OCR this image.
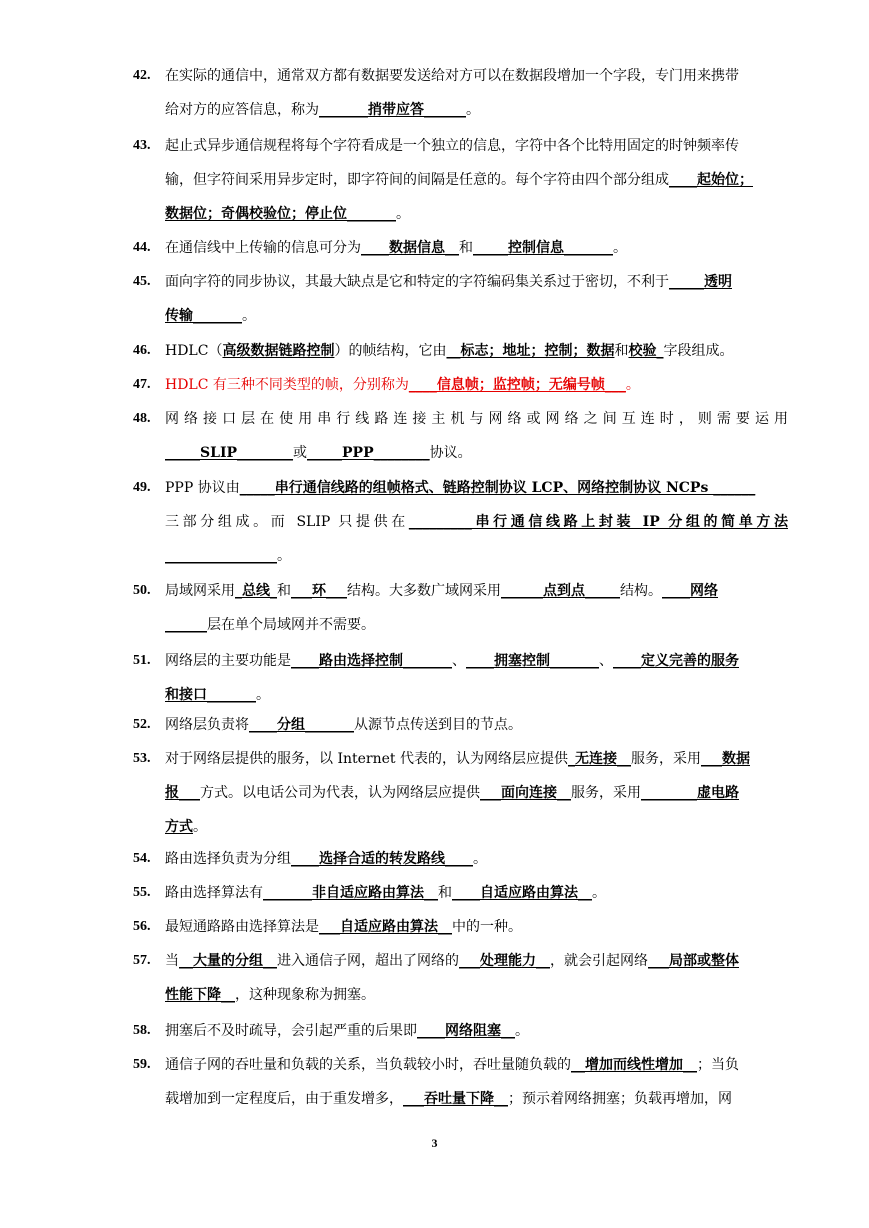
42. 在实际的通信中，通常双方都有数据要发送给对方可以在数据段增加一个字段，专门用来携带
给对方的应答信息，称为_______捎带应答______。
43. 起止式异步通信规程将每个字符看成是一个独立的信息，字符中各个比特用固定的时钟频率传
输，但字符间采用异步定时，即字符间的间隔是任意的。每个字符由四个部分组成____起始位；
数据位；奇偶校验位；停止位_______。
44. 在通信线中上传输的信息可分为____数据信息__和_____控制信息_______。
45. 面向字符的同步协议，其最大缺点是它和特定的字符编码集关系过于密切，不利于_____透明
传输_______。
46. HDLC（高级数据链路控制）的帧结构，它由__标志；地址；控制；数据和校验_字段组成。
47. HDLC 有三种不同类型的帧，分别称为____信息帧；监控帧；无编号帧___。
48. 网络接口层在使用串行线路连接主机与网络或网络之间互连时，则需要运用
_____SLIP________或_____PPP________协议。
49. PPP 协议由_____串行通信线路的组帧格式、链路控制协议 LCP、网络控制协议 NCPs ______
三部分组成。而 SLIP 只提供在_________串行通信线路上封装 IP 分组的简单方法
________________。
50. 局域网采用_总线_和___环___结构。大多数广域网采用______点到点_____结构。____网络
______层在单个局域网并不需要。
51. 网络层的主要功能是____路由选择控制_______、____拥塞控制_______、____定义完善的服务
和接口_______。
52. 网络层负责将____分组_______从源节点传送到目的节点。
53. 对于网络层提供的服务，以 Internet 代表的，认为网络层应提供_无连接__服务，采用___数据
报___方式。以电话公司为代表，认为网络层应提供___面向连接__服务，采用________虚电路
方式。
54. 路由选择负责为分组____选择合适的转发路线____。
55. 路由选择算法有_______非自适应路由算法__和____自适应路由算法__。
56. 最短通路路由选择算法是___自适应路由算法__中的一种。
57. 当__大量的分组__进入通信子网，超出了网络的___处理能力__，就会引起网络___局部或整体
性能下降__，这种现象称为拥塞。
58. 拥塞后不及时疏导，会引起严重的后果即____网络阻塞__。
59. 通信子网的吞吐量和负载的关系，当负载较小时，吞吐量随负载的__增加而线性增加__；当负
载增加到一定程度后，由于重发增多，___吞吐量下降__；预示着网络拥塞；负载再增加，网
3
